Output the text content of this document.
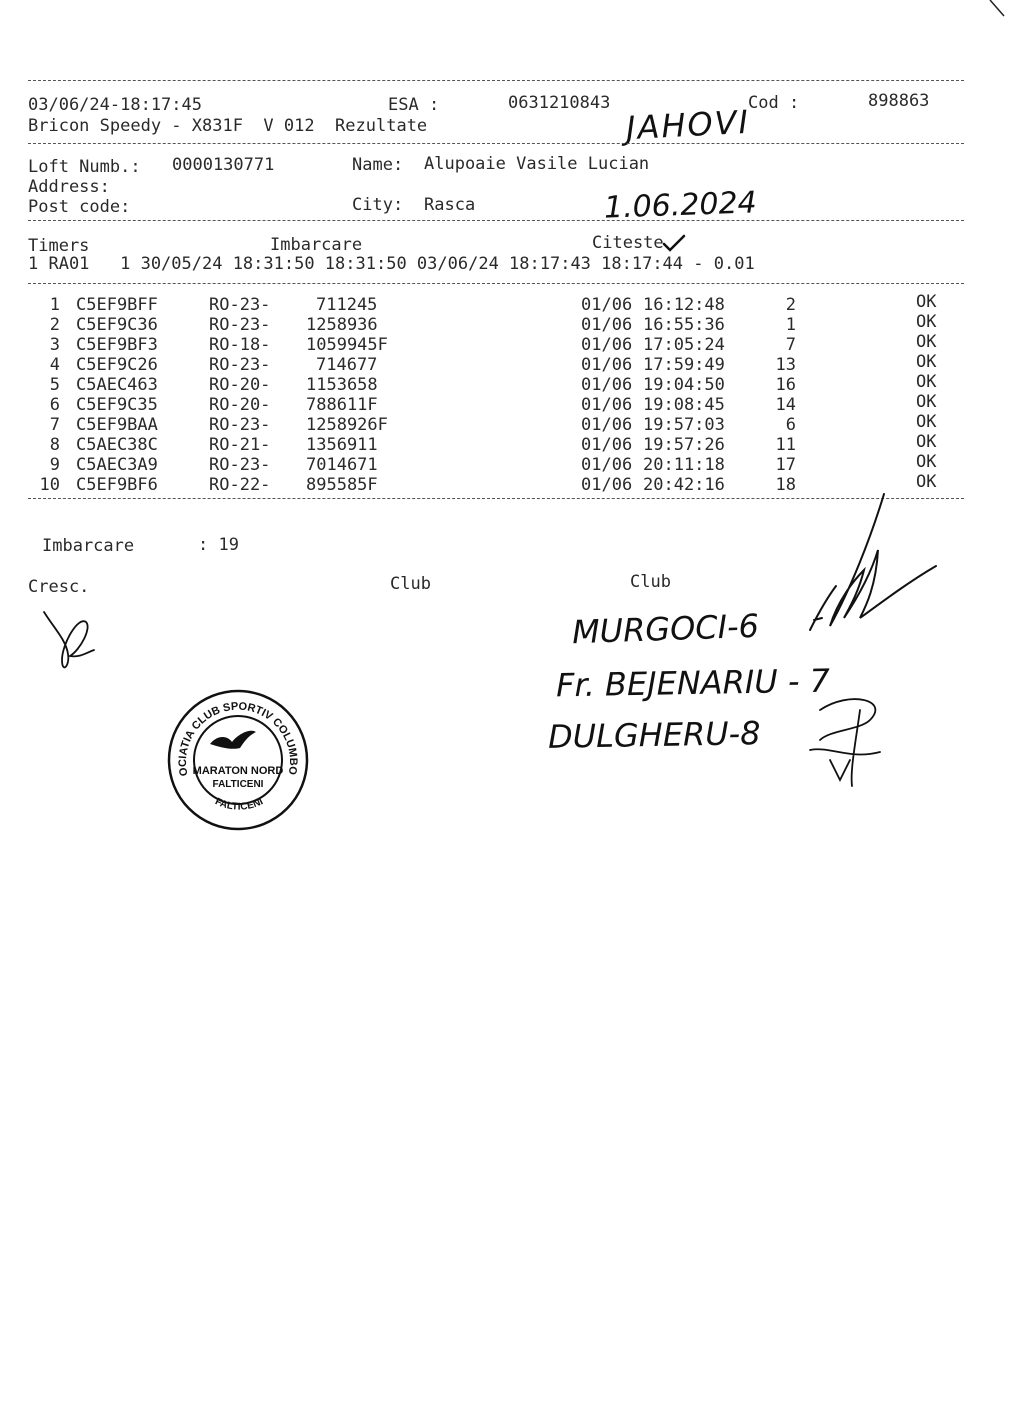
03/06/24-18:17:45	ESA :	0631210843	Cod :	898863
Bricon Speedy - X831F  V 012  Rezultate	JAHOVI
Loft Numb.: 0000130771	Name: Alupoaie Vasile Lucian
Address:
Post code:	City: Rasca	1.06.2024
Timers	Imbarcare	Citeste
1 RA01   1 30/05/24 18:31:50 18:31:50 03/06/24 18:17:43 18:17:44 - 0.01
1 C5EF9BFF	RO-23-	711245	01/06 16:12:48	2	OK
2 C5EF9C36	RO-23- 1258936	01/06 16:55:36	1	OK
3 C5EF9BF3	RO-18- 1059945F	01/06 17:05:24	7	OK
4 C5EF9C26	RO-23-	714677	01/06 17:59:49	13	OK
5 C5AEC463	RO-20- 1153658	01/06 19:04:50	16	OK
6 C5EF9C35	RO-20- 788611F	01/06 19:08:45	14	OK
7 C5EF9BAA	RO-23- 1258926F	01/06 19:57:03	6	OK
8 C5AEC38C	RO-21- 1356911	01/06 19:57:26	11	OK
9 C5AEC3A9	RO-23- 7014671	01/06 20:11:18	17	OK
10 C5EF9BF6	RO-22- 895585F	01/06 20:42:16	18	OK
Imbarcare	: 19
Cresc.	Club	Club
MURGOCI-6
Fr. BEJENARIU - 7
DULGHERU-8
ASOCIATIA CLUB SPORTIV COLUMBOFIL
FALTICENI
MARATON NORD
FALTICENI
